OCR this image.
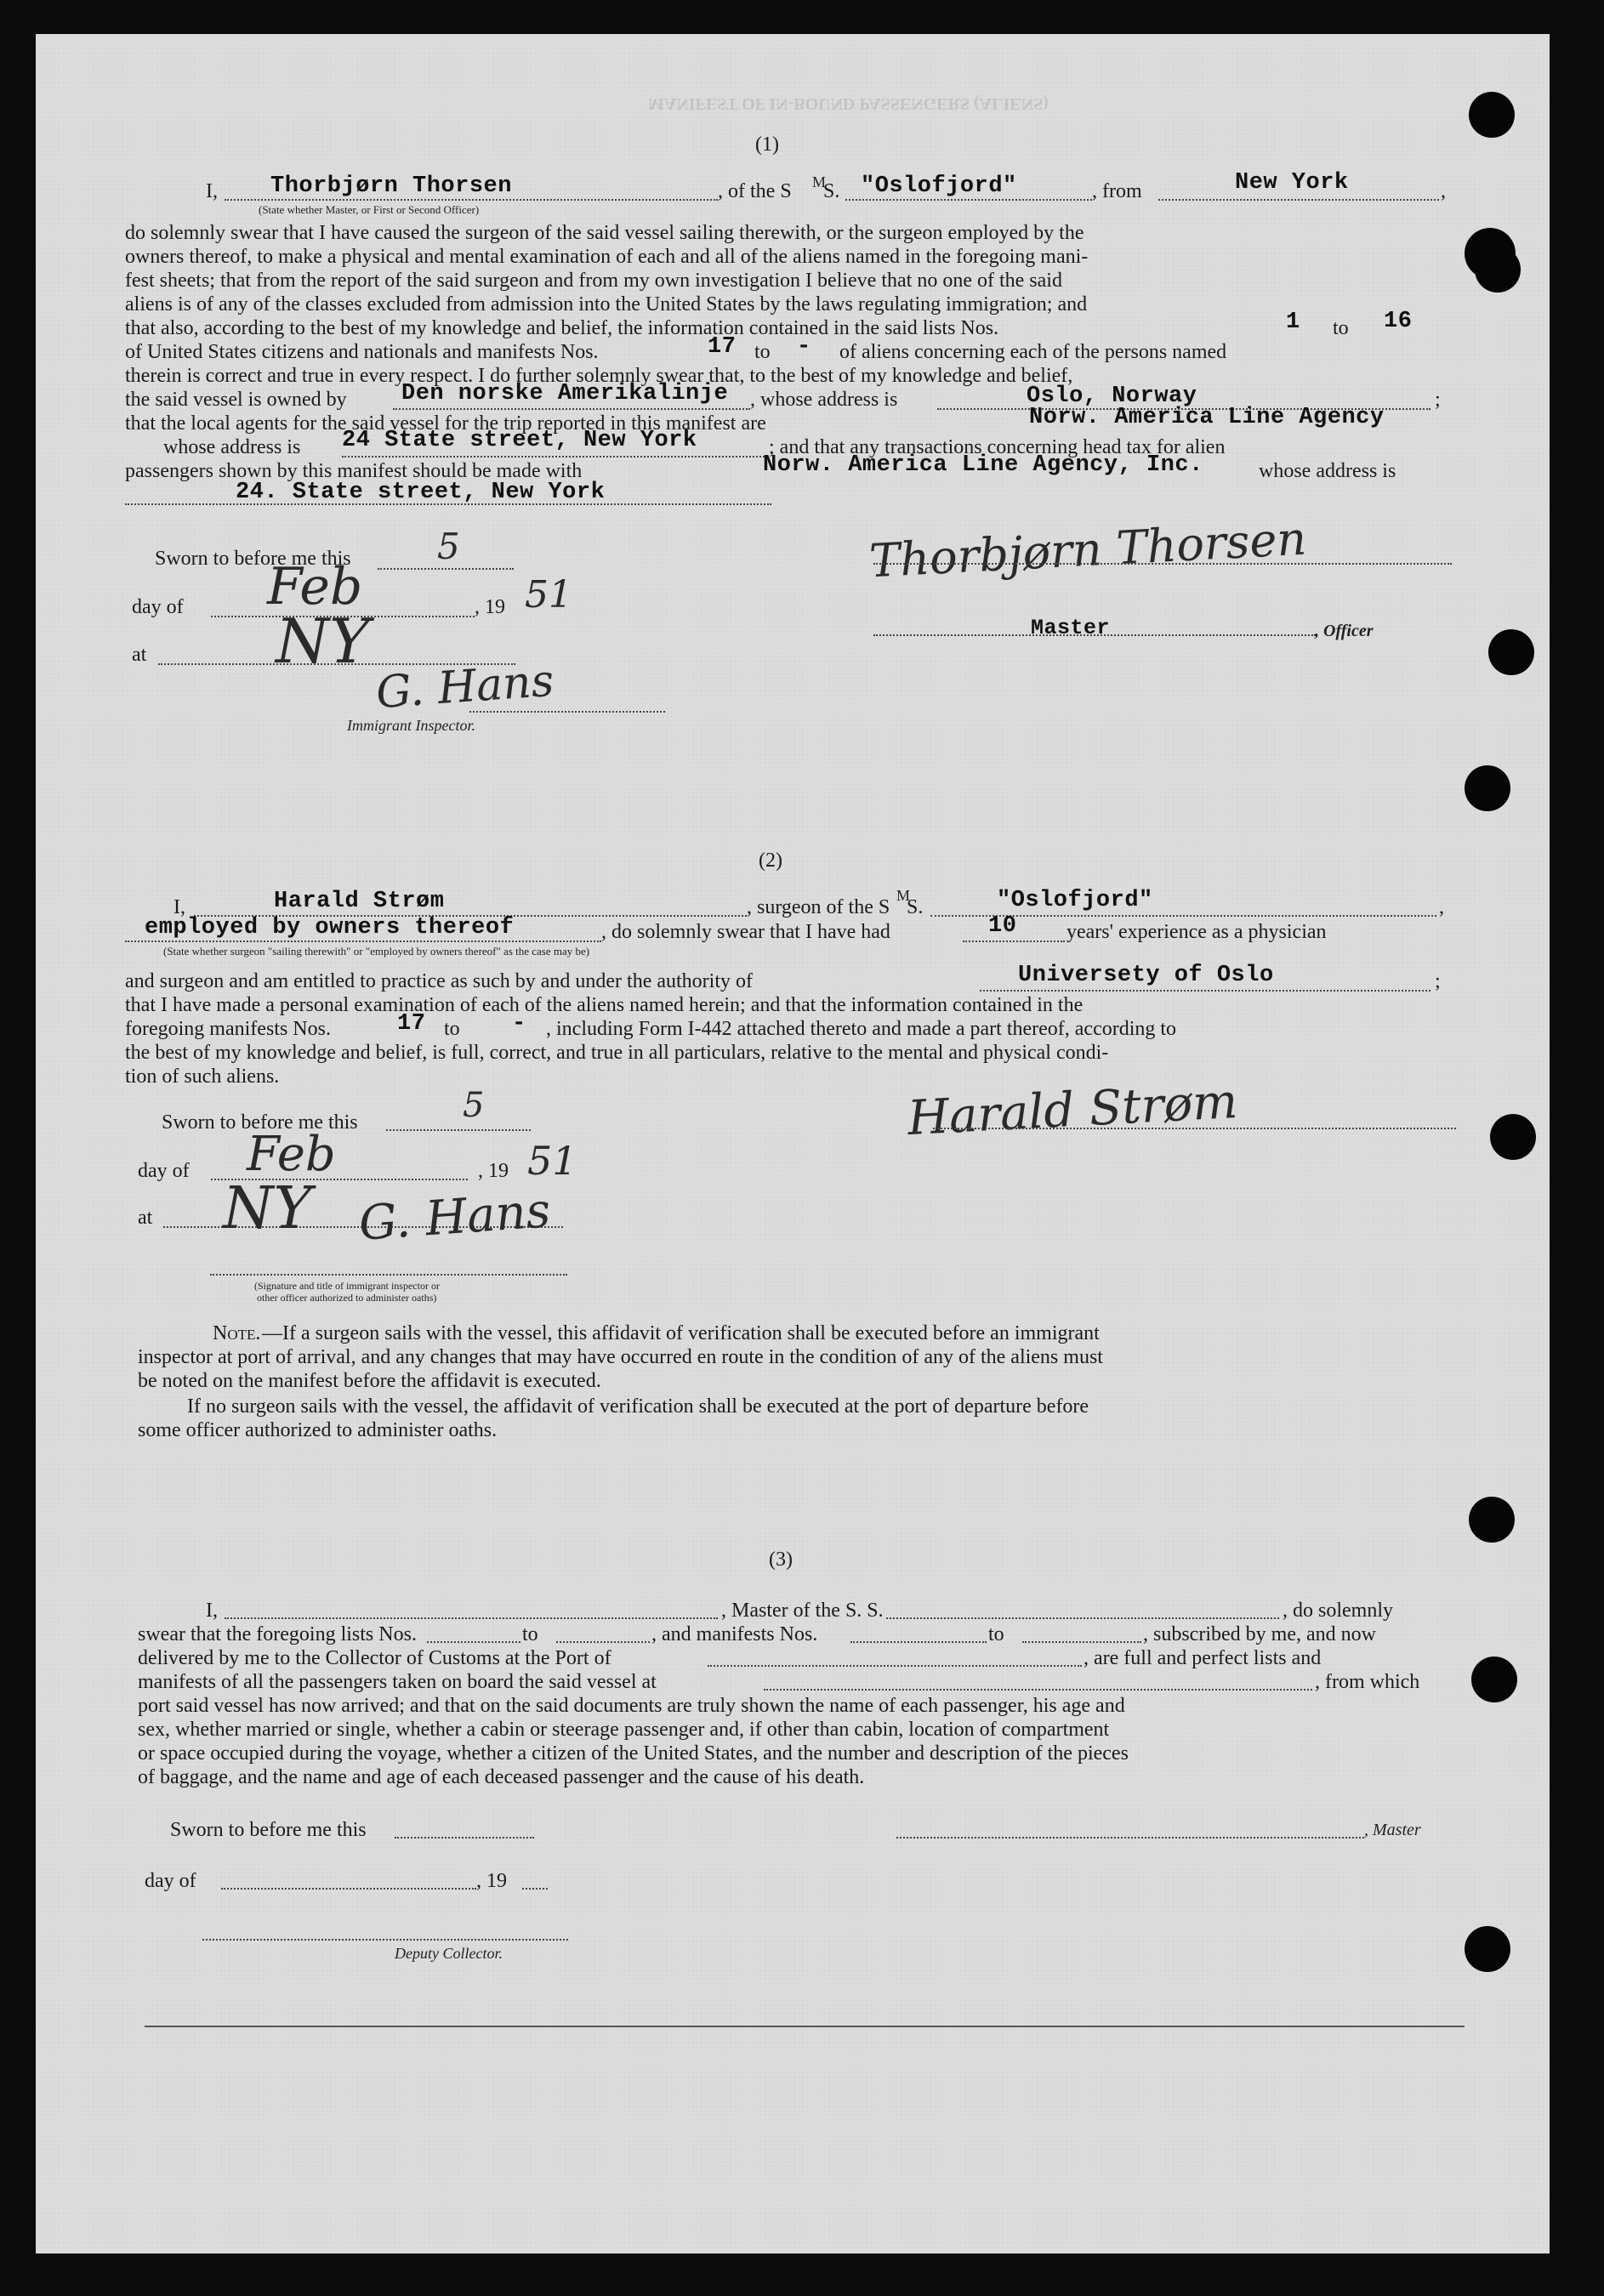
MANIFEST OF IN-BOUND PASSENGERS (ALIENS)
(1)
I, Thorbjørn Thorsen	, of the S M
S. "Oslofjord"	, from	New York	,
(State whether Master, or First or Second Officer)
do solemnly swear that I have caused the surgeon of the said vessel sailing therewith, or the surgeon employed by the
owners thereof, to make a physical and mental examination of each and all of the aliens named in the foregoing mani-
fest sheets; that from the report of the said surgeon and from my own investigation I believe that no one of the said
aliens is of any of the classes excluded from admission into the United States by the laws regulating immigration; and
that also, according to the best of my knowledge and belief, the information contained in the said lists Nos.	1 to 16
of United States citizens and nationals and manifests Nos.	17 to - of aliens concerning each of the persons named
therein is correct and true in every respect. I do further solemnly swear that, to the best of my knowledge and belief,
the said vessel is owned by Den norske Amerikalinje , whose address is	Oslo, Norway	;
that the local agents for the said vessel for the trip reported in this manifest are	Norw. America Line Agency
whose address is 24 State street, New York	; and that any transactions concerning head tax for alien
passengers shown by this manifest should be made with	Norw. America Line Agency, Inc.	whose address is
24. State street, New York
Sworn to before me this 5
day of Feb	, 19 51
at NY
G. Hans
Immigrant Inspector.
Thorbjørn Thorsen
Master	, Officer
(2)
I,	Harald Strøm	, surgeon of the S
M
S.	"Oslofjord"	,
employed by owners thereof	, do solemnly swear that I have had	10 years' experience as a physician
(State whether surgeon "sailing therewith" or "employed by owners thereof" as the case may be)
and surgeon and am entitled to practice as such by and under the authority of	Universety of Oslo	;
that I have made a personal examination of each of the aliens named herein; and that the information contained in the
foregoing manifests Nos.	17 to - , including Form I-442 attached thereto and made a part thereof, according to
the best of my knowledge and belief, is full, correct, and true in all particulars, relative to the mental and physical condi-
tion of such aliens.
Sworn to before me this	5
day of Feb	, 19 51
at NY G. Hans
(Signature and title of immigrant inspector or
other officer authorized to administer oaths)
Harald Strøm
Note. —If a surgeon sails with the vessel, this affidavit of verification shall be executed before an immigrant
inspector at port of arrival, and any changes that may have occurred en route in the condition of any of the aliens must
be noted on the manifest before the affidavit is executed.
If no surgeon sails with the vessel, the affidavit of verification shall be executed at the port of departure before
some officer authorized to administer oaths.
(3)
I,	, Master of the S. S.	, do solemnly
swear that the foregoing lists Nos.	to	, and manifests Nos.	to	, subscribed by me, and now
delivered by me to the Collector of Customs at the Port of	, are full and perfect lists and
manifests of all the passengers taken on board the said vessel at	, from which
port said vessel has now arrived; and that on the said documents are truly shown the name of each passenger, his age and
sex, whether married or single, whether a cabin or steerage passenger and, if other than cabin, location of compartment
or space occupied during the voyage, whether a citizen of the United States, and the number and description of the pieces
of baggage, and the name and age of each deceased passenger and the cause of his death.
Sworn to before me this	, Master
day of	, 19
Deputy Collector.
